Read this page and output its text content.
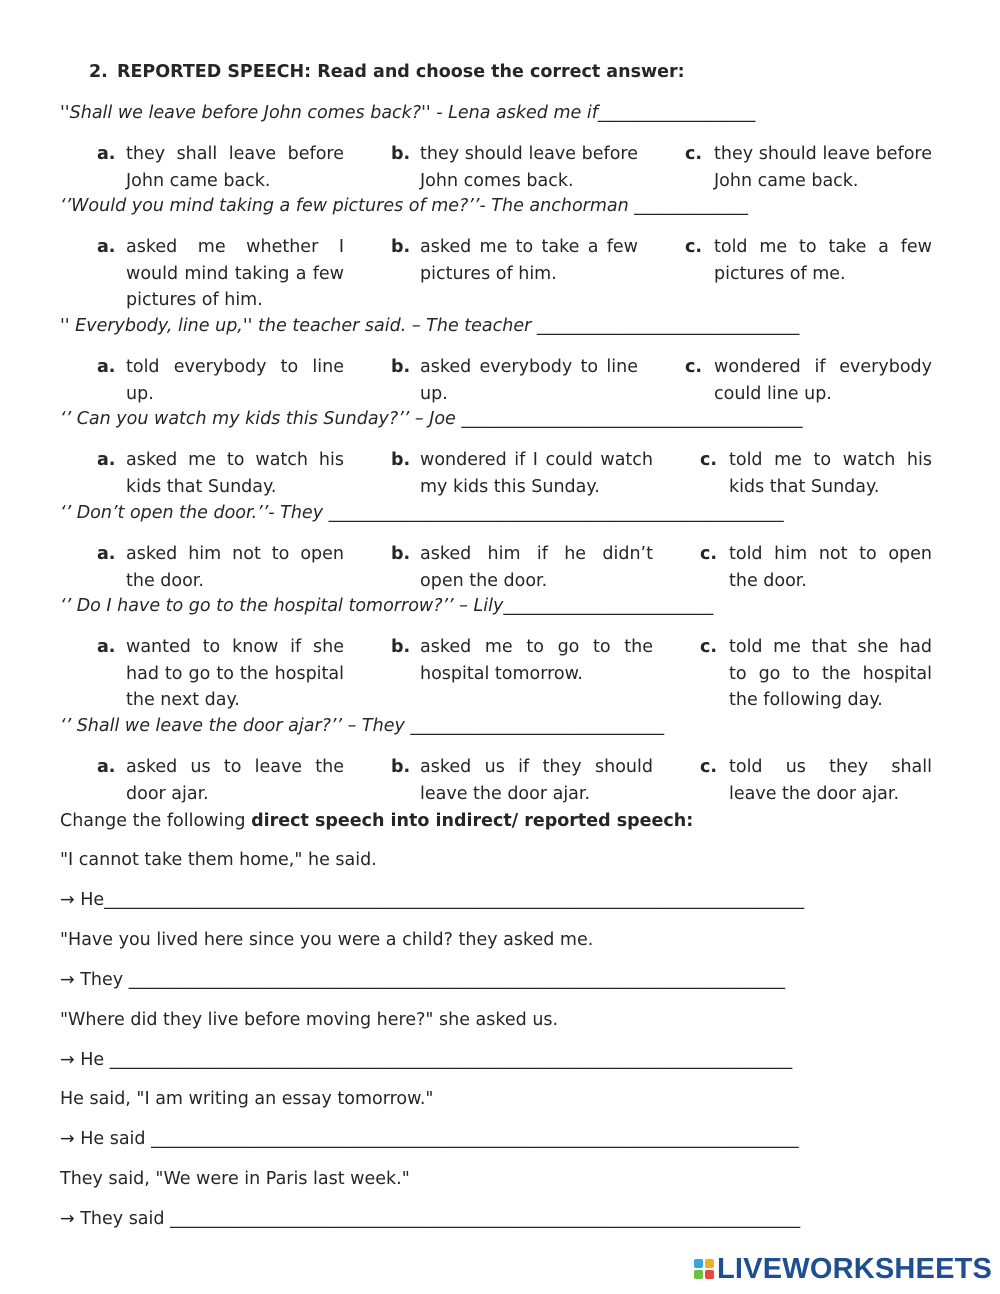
2. REPORTED SPEECH: Read and choose the correct answer:
''Shall we leave before John comes back?'' - Lena asked me if__________________
a. they shall leave before John came back.
b. they should leave before John comes back.
c. they should leave before John came back.
‘’Would you mind taking a few pictures of me?’’- The anchorman _____________
a. asked me whether I would mind taking a few pictures of him.
b. asked me to take a few pictures of him.
c. told me to take a few pictures of me.
'' Everybody, line up,'' the teacher said. – The teacher ______________________________
a. told everybody to line up.
b. asked everybody to line up.
c. wondered if everybody could line up.
‘’ Can you watch my kids this Sunday?’’ – Joe _______________________________________
a. asked me to watch his kids that Sunday.
b. wondered if I could watch my kids this Sunday.
c. told me to watch his kids that Sunday.
‘’ Don’t open the door.’’- They ____________________________________________________
a. asked him not to open the door.
b. asked him if he didn’t open the door.
c. told him not to open the door.
‘’ Do I have to go to the hospital tomorrow?’’ – Lily________________________
a. wanted to know if she had to go to the hospital the next day.
b. asked me to go to the hospital tomorrow.
c. told me that she had to go to the hospital the following day.
‘’ Shall we leave the door ajar?’’ – They _____________________________
a. asked us to leave the door ajar.
b. asked us if they should leave the door ajar.
c. told us they shall leave the door ajar.
Change the following direct speech into indirect/ reported speech:
"I cannot take them home," he said.
→ He________________________________________________________________________________
"Have you lived here since you were a child? they asked me.
→ They ___________________________________________________________________________
"Where did they live before moving here?" she asked us.
→ He ______________________________________________________________________________
He said, "I am writing an essay tomorrow."
→ He said __________________________________________________________________________
They said, "We were in Paris last week."
→ They said ________________________________________________________________________
LIVEWORKSHEETS
